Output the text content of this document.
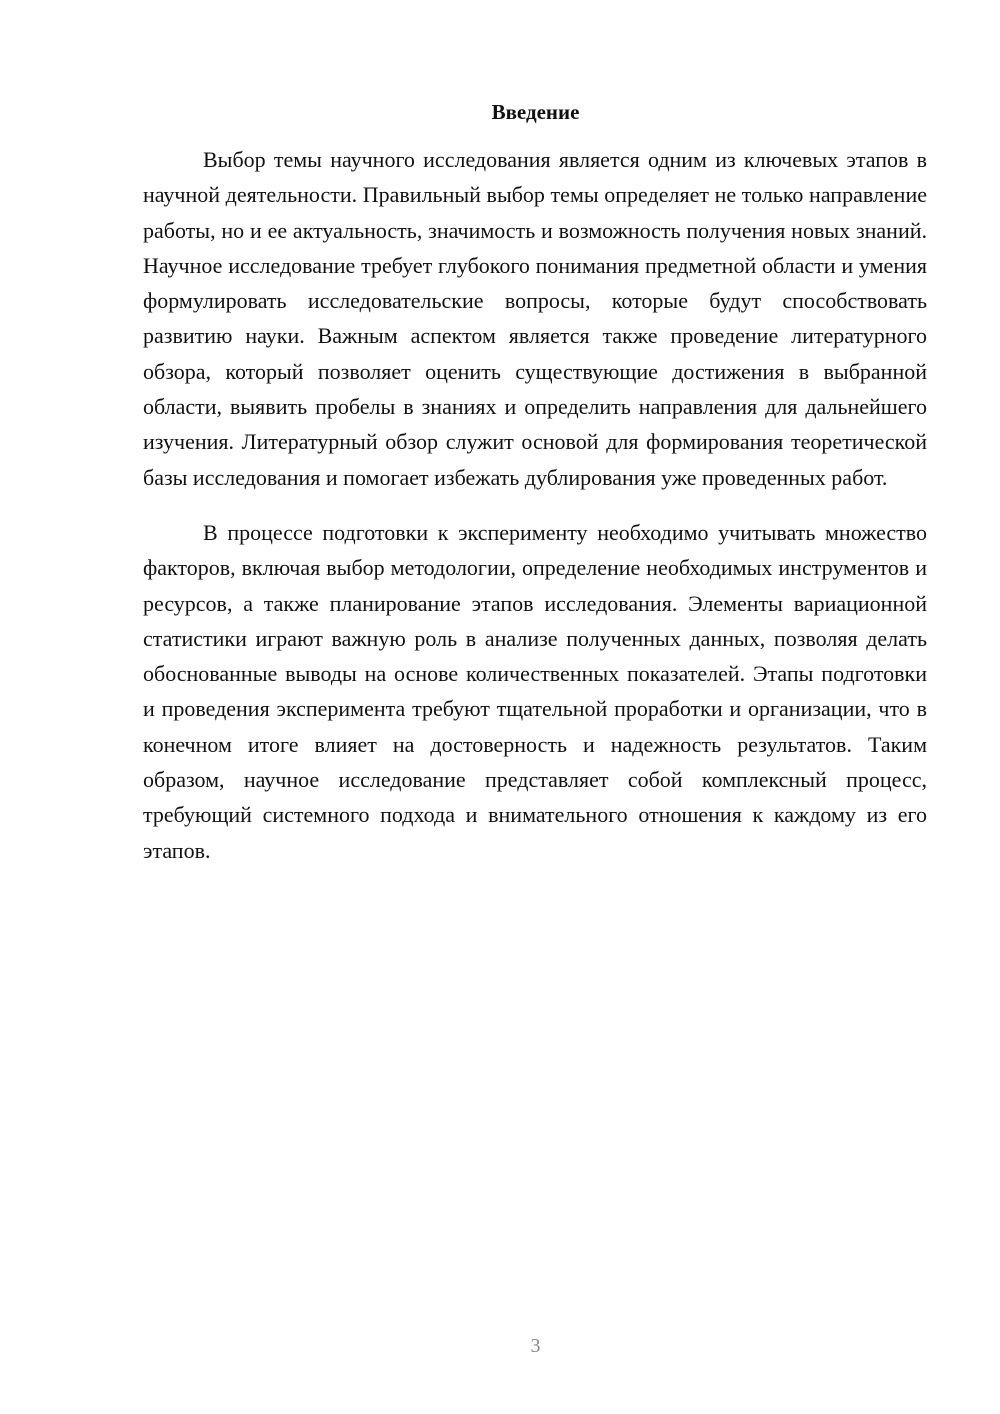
Введение

Выбор темы научного исследования является одним из ключевых этапов в научной деятельности. Правильный выбор темы определяет не только направление работы, но и ее актуальность, значимость и возможность получения новых знаний. Научное исследование требует глубокого понимания предметной области и умения формулировать исследовательские вопросы, которые будут способствовать развитию науки. Важным аспектом является также проведение литературного обзора, который позволяет оценить существующие достижения в выбранной области, выявить пробелы в знаниях и определить направления для дальнейшего изучения. Литературный обзор служит основой для формирования теоретической базы исследования и помогает избежать дублирования уже проведенных работ.

В процессе подготовки к эксперименту необходимо учитывать множество факторов, включая выбор методологии, определение необходимых инструментов и ресурсов, а также планирование этапов исследования. Элементы вариационной статистики играют важную роль в анализе полученных данных, позволяя делать обоснованные выводы на основе количественных показателей. Этапы подготовки и проведения эксперимента требуют тщательной проработки и организации, что в конечном итоге влияет на достоверность и надежность результатов. Таким образом, научное исследование представляет собой комплексный процесс, требующий системного подхода и внимательного отношения к каждому из его этапов.

3
